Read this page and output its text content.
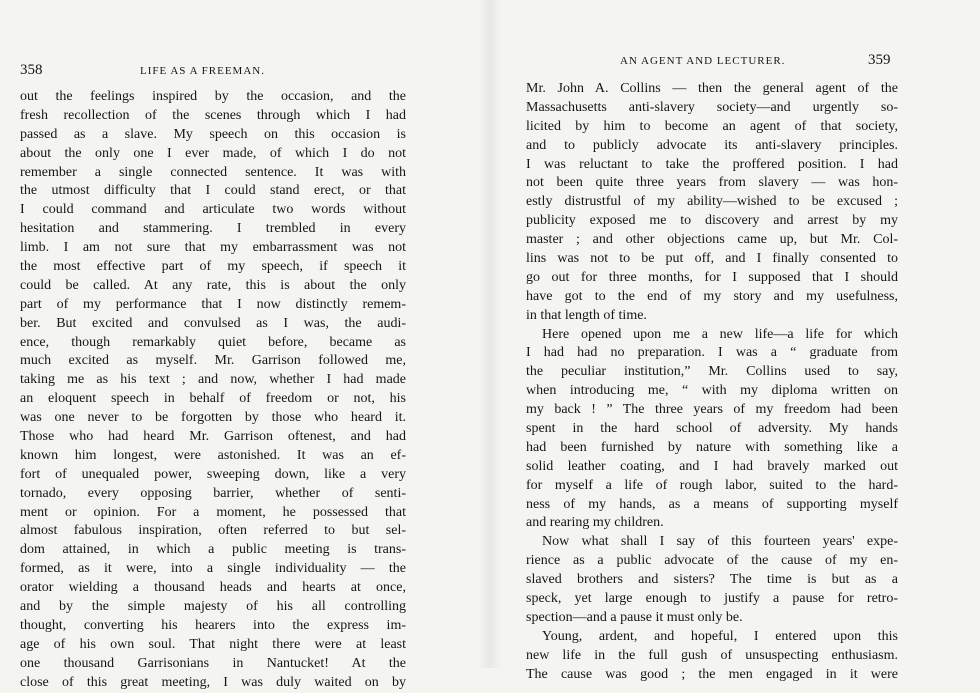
358	LIFE AS A FREEMAN.
out the feelings inspired by the occasion, and the
fresh recollection of the scenes through which I had
passed as a slave. My speech on this occasion is
about the only one I ever made, of which I do not
remember a single connected sentence. It was with
the utmost difficulty that I could stand erect, or that
I could command and articulate two words without
hesitation and stammering. I trembled in every
limb. I am not sure that my embarrassment was not
the most effective part of my speech, if speech it
could be called. At any rate, this is about the only
part of my performance that I now distinctly remem-
ber. But excited and convulsed as I was, the audi-
ence, though remarkably quiet before, became as
much excited as myself. Mr. Garrison followed me,
taking me as his text ; and now, whether I had made
an eloquent speech in behalf of freedom or not, his
was one never to be forgotten by those who heard it.
Those who had heard Mr. Garrison oftenest, and had
known him longest, were astonished. It was an ef-
fort of unequaled power, sweeping down, like a very
tornado, every opposing barrier, whether of senti-
ment or opinion. For a moment, he possessed that
almost fabulous inspiration, often referred to but sel-
dom attained, in which a public meeting is trans-
formed, as it were, into a single individuality — the
orator wielding a thousand heads and hearts at once,
and by the simple majesty of his all controlling
thought, converting his hearers into the express im-
age of his own soul. That night there were at least
one thousand Garrisonians in Nantucket! At the
close of this great meeting, I was duly waited on by
AN AGENT AND LECTURER.	359
Mr. John A. Collins — then the general agent of the
Massachusetts anti-slavery society—and urgently so-
licited by him to become an agent of that society,
and to publicly advocate its anti-slavery principles.
I was reluctant to take the proffered position. I had
not been quite three years from slavery — was hon-
estly distrustful of my ability—wished to be excused ;
publicity exposed me to discovery and arrest by my
master ; and other objections came up, but Mr. Col-
lins was not to be put off, and I finally consented to
go out for three months, for I supposed that I should
have got to the end of my story and my usefulness,
in that length of time.
Here opened upon me a new life—a life for which
I had had no preparation. I was a “ graduate from
the peculiar institution,” Mr. Collins used to say,
when introducing me, “ with my diploma written on
my back ! ” The three years of my freedom had been
spent in the hard school of adversity. My hands
had been furnished by nature with something like a
solid leather coating, and I had bravely marked out
for myself a life of rough labor, suited to the hard-
ness of my hands, as a means of supporting myself
and rearing my children.
Now what shall I say of this fourteen years' expe-
rience as a public advocate of the cause of my en-
slaved brothers and sisters? The time is but as a
speck, yet large enough to justify a pause for retro-
spection—and a pause it must only be.
Young, ardent, and hopeful, I entered upon this
new life in the full gush of unsuspecting enthusiasm.
The cause was good ; the men engaged in it were
